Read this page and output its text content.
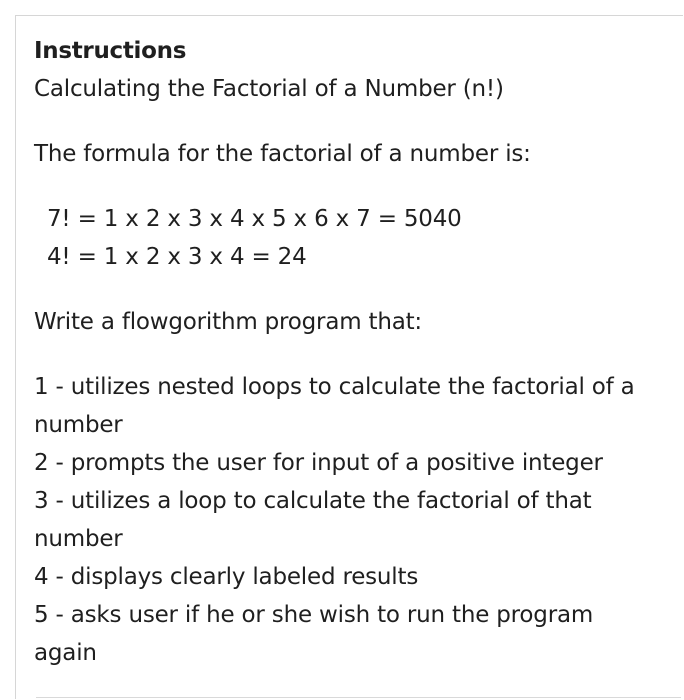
Instructions

Calculating the Factorial of a Number (n!)

The formula for the factorial of a number is:

7! = 1 x 2 x 3 x 4 x 5 x 6 x 7 = 5040

4! = 1 x 2 x 3 x 4 = 24

Write a flowgorithm program that:

1 - utilizes nested loops to calculate the factorial of a number

2 - prompts the user for input of a positive integer

3 - utilizes a loop to calculate the factorial of that number

4 - displays clearly labeled results

5 - asks user if he or she wish to run the program again
